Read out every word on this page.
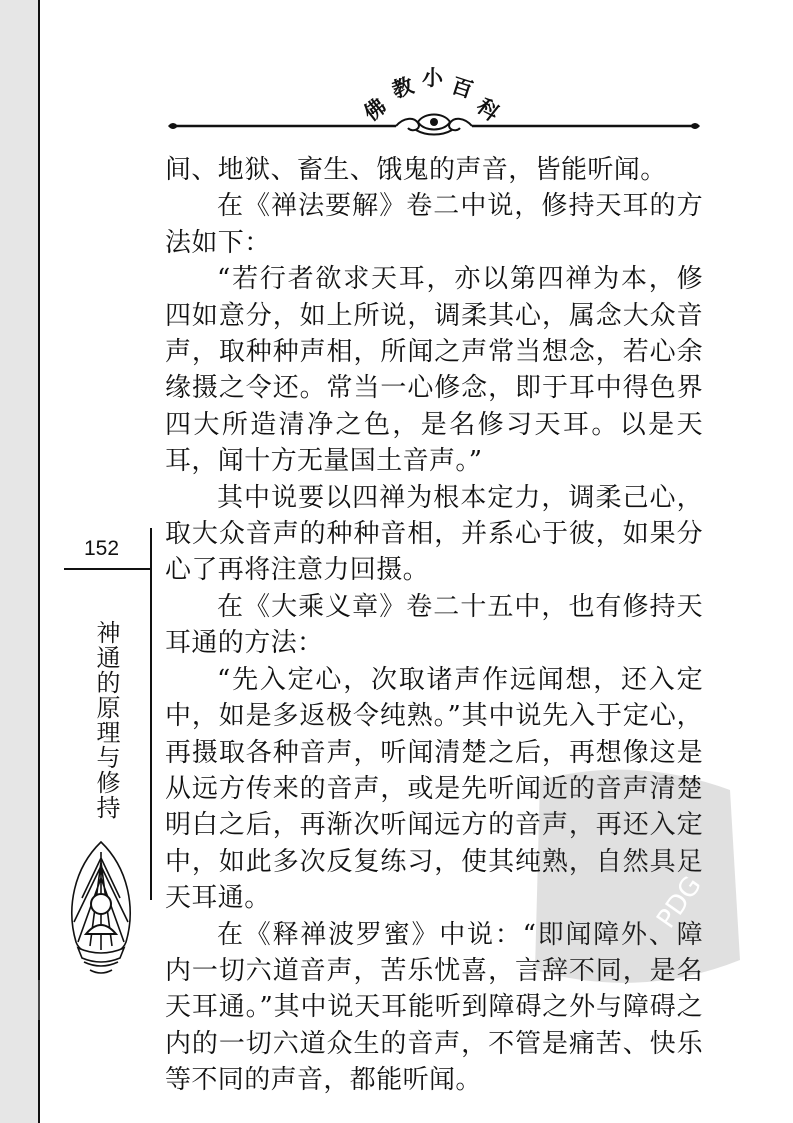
佛
教 小 百
科

间、地狱、畜生、饿鬼的声音，皆能听闻。

在《禅法要解》卷二中说，修持天耳的方法如下：

“若行者欲求天耳，亦以第四禅为本，修四如意分，如上所说，调柔其心，属念大众音声，取种种声相，所闻之声常当想念，若心余缘摄之令还。常当一心修念，即于耳中得色界四大所造清净之色，是名修习天耳。以是天耳，闻十方无量国土音声。”

其中说要以四禅为根本定力，调柔己心，取大众音声的种种音相，并系心于彼，如果分心了再将注意力回摄。

在《大乘义章》卷二十五中，也有修持天耳通的方法：

“先入定心，次取诸声作远闻想，还入定中，如是多返极令纯熟。”其中说先入于定心，再摄取各种音声，听闻清楚之后，再想像这是从远方传来的音声，或是先听闻近的音声清楚明白之后，再渐次听闻远方的音声，再还入定中，如此多次反复练习，使其纯熟，自然具足天耳通。

在《释禅波罗蜜》中说：“即闻障外、障内一切六道音声，苦乐忧喜，言辞不同，是名天耳通。”其中说天耳能听到障碍之外与障碍之内的一切六道众生的音声，不管是痛苦、快乐等不同的声音，都能听闻。

152
神通的原理与修持
PDG
